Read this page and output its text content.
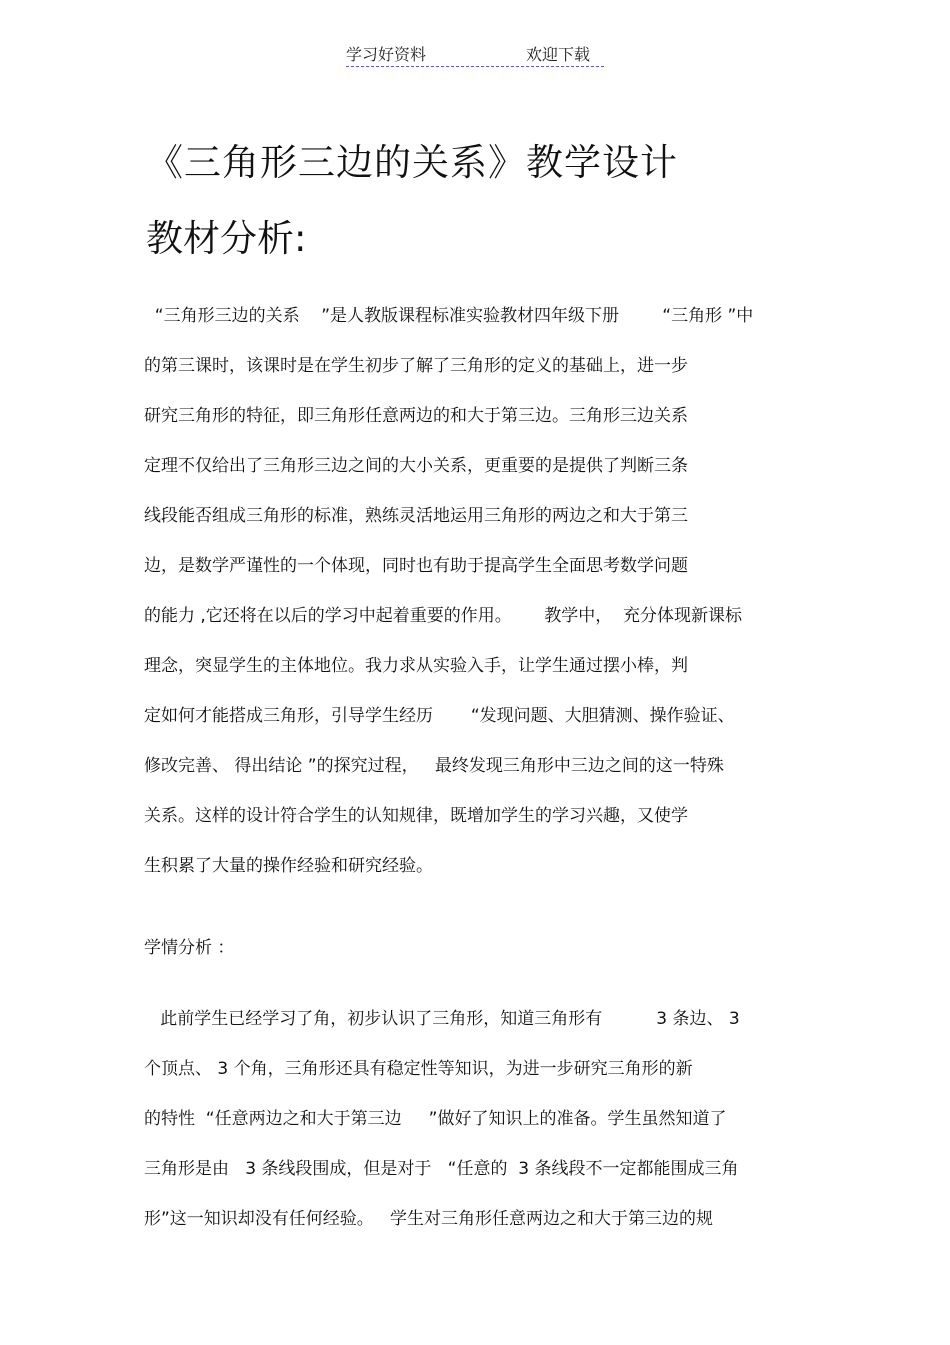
学习好资料	欢迎下载
《三角形三边的关系》教学设计
教材分析:
“三角形三边的关系    ”是人教版课程标准实验教材四年级下册        “三角形 ”中
的第三课时，该课时是在学生初步了解了三角形的定义的基础上，进一步
研究三角形的特征，即三角形任意两边的和大于第三边。三角形三边关系
定理不仅给出了三角形三边之间的大小关系，更重要的是提供了判断三条
线段能否组成三角形的标准，熟练灵活地运用三角形的两边之和大于第三
边，是数学严谨性的一个体现，同时也有助于提高学生全面思考数学问题
的能力 ,它还将在以后的学习中起着重要的作用。      教学中，  充分体现新课标
理念，突显学生的主体地位。我力求从实验入手，让学生通过摆小棒，判
定如何才能搭成三角形，引导学生经历       “发现问题、大胆猜测、操作验证、
修改完善、 得出结论 ”的探究过程，   最终发现三角形中三边之间的这一特殊
关系。这样的设计符合学生的认知规律，既增加学生的学习兴趣，又使学
生积累了大量的操作经验和研究经验。
学情分析 ：
此前学生已经学习了角，初步认识了三角形，知道三角形有          3 条边、 3
个顶点、 3 个角，三角形还具有稳定性等知识，为进一步研究三角形的新
的特性  “任意两边之和大于第三边     ”做好了知识上的准备。学生虽然知道了
三角形是由   3 条线段围成，但是对于   “任意的  3 条线段不一定都能围成三角
形”这一知识却没有任何经验。   学生对三角形任意两边之和大于第三边的规
